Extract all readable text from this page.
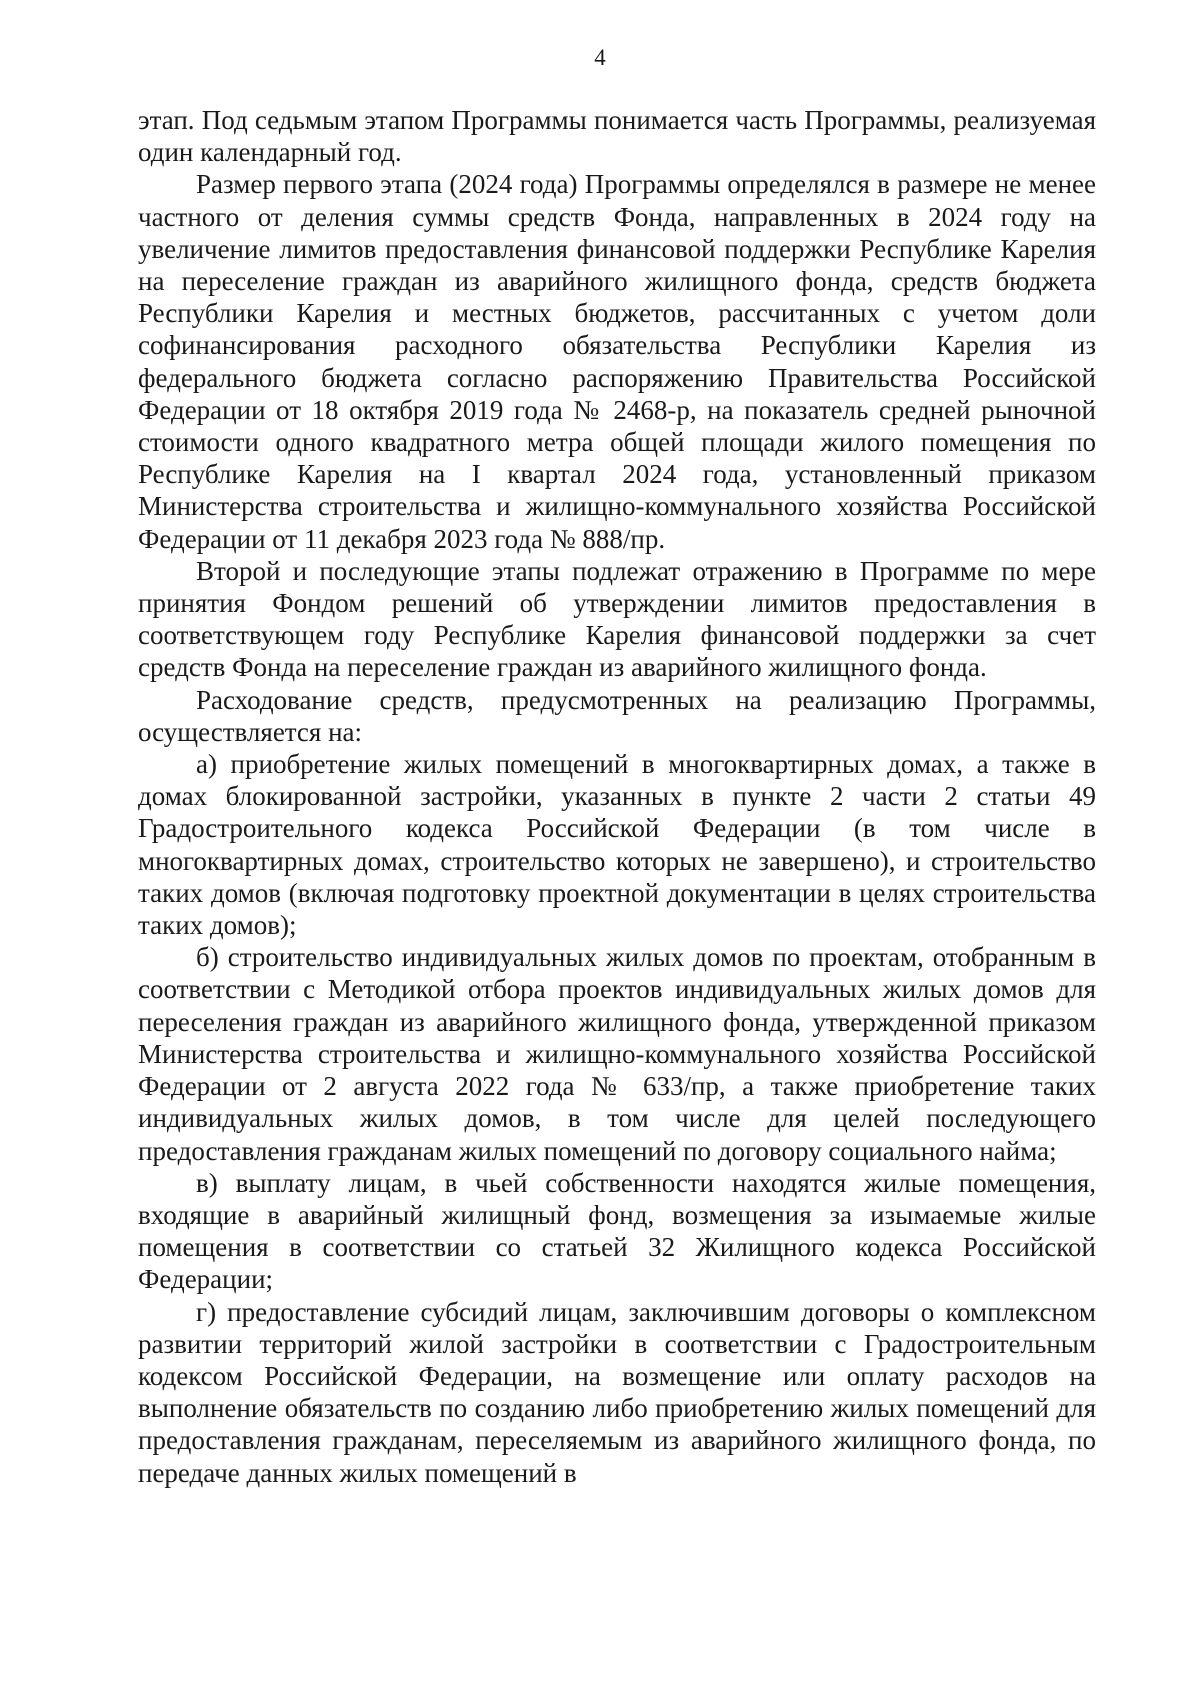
4

этап. Под седьмым этапом Программы понимается часть Программы, реализуемая один календарный год.

Размер первого этапа (2024 года) Программы определялся в размере не менее частного от деления суммы средств Фонда, направленных в 2024 году на увеличение лимитов предоставления финансовой поддержки Республике Карелия на переселение граждан из аварийного жилищного фонда, средств бюджета Республики Карелия и местных бюджетов, рассчитанных с учетом доли софинансирования расходного обязательства Республики Карелия из федерального бюджета согласно распоряжению Правительства Российской Федерации от 18 октября 2019 года № 2468-р, на показатель средней рыночной стоимости одного квадратного метра общей площади жилого помещения по Республике Карелия на I квартал 2024 года, установленный приказом Министерства строительства и жилищно-коммунального хозяйства Российской Федерации от 11 декабря 2023 года № 888/пр.

Второй и последующие этапы подлежат отражению в Программе по мере принятия Фондом решений об утверждении лимитов предоставления в соответствующем году Республике Карелия финансовой поддержки за счет средств Фонда на переселение граждан из аварийного жилищного фонда.

Расходование средств, предусмотренных на реализацию Программы, осуществляется на:

а) приобретение жилых помещений в многоквартирных домах, а также в домах блокированной застройки, указанных в пункте 2 части 2 статьи 49 Градостроительного кодекса Российской Федерации (в том числе в многоквартирных домах, строительство которых не завершено), и строительство таких домов (включая подготовку проектной документации в целях строительства таких домов);

б) строительство индивидуальных жилых домов по проектам, отобранным в соответствии с Методикой отбора проектов индивидуальных жилых домов для переселения граждан из аварийного жилищного фонда, утвержденной приказом Министерства строительства и жилищно-коммунального хозяйства Российской Федерации от 2 августа 2022 года № 633/пр, а также приобретение таких индивидуальных жилых домов, в том числе для целей последующего предоставления гражданам жилых помещений по договору социального найма;

в) выплату лицам, в чьей собственности находятся жилые помещения, входящие в аварийный жилищный фонд, возмещения за изымаемые жилые помещения в соответствии со статьей 32 Жилищного кодекса Российской Федерации;

г) предоставление субсидий лицам, заключившим договоры о комплексном развитии территорий жилой застройки в соответствии с Градостроительным кодексом Российской Федерации, на возмещение или оплату расходов на выполнение обязательств по созданию либо приобретению жилых помещений для предоставления гражданам, переселяемым из аварийного жилищного фонда, по передаче данных жилых помещений в
